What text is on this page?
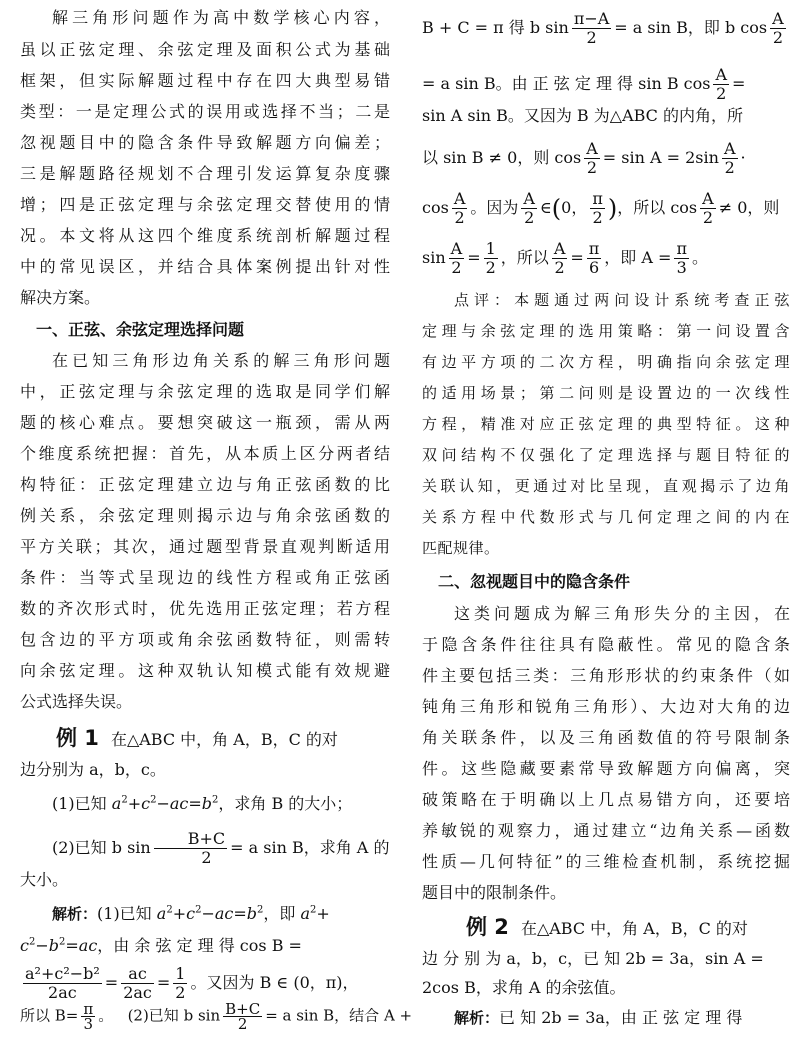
解三角形问题作为高中数学核心内容，
虽以正弦定理、余弦定理及面积公式为基础
框架，但实际解题过程中存在四大典型易错
类型：一是定理公式的误用或选择不当；二是
忽视题目中的隐含条件导致解题方向偏差；
三是解题路径规划不合理引发运算复杂度骤
增；四是正弦定理与余弦定理交替使用的情
况。本文将从这四个维度系统剖析解题过程
中的常见误区，并结合具体案例提出针对性
解决方案。
一、正弦、余弦定理选择问题
在已知三角形边角关系的解三角形问题
中，正弦定理与余弦定理的选取是同学们解
题的核心难点。要想突破这一瓶颈，需从两
个维度系统把握：首先，从本质上区分两者结
构特征：正弦定理建立边与角正弦函数的比
例关系，余弦定理则揭示边与角余弦函数的
平方关联；其次，通过题型背景直观判断适用
条件：当等式呈现边的线性方程或角正弦函
数的齐次形式时，优先选用正弦定理；若方程
包含边的平方项或角余弦函数特征，则需转
向余弦定理。这种双轨认知模式能有效规避
公式选择失误。
例 1 在△ABC 中，角 A，B，C 的对
边分别为 a，b，c。
(1)已知 $a^2+c^2-ac=b^2$，求角 B 的大小；
(2)已知 b $\sin \frac{B+C}{2} = a$ sin B，求角 A 的
大小。
解析：(1)已知 $a^2+c^2-ac=b^2$，即 $a^2+$
$c^2-b^2=ac$，由 余 弦 定 理 得 cos B =
$\frac{\text{a²+c²−b²}}{2ac} = \frac{ac}{2ac} = \frac{1}{2}$ 。又因为 B ∈ (0，π)，
B + C = π 得 b $\sin \frac{\pi-A}{2} = a$ sin B，即 b $\cos \frac{A}{2}$
= a sin B。由 正 弦 定 理 得 sin B $\cos \frac{A}{2}$ =
sin A sin B。又因为 B 为△ABC 的内角，所
以 sin B ≠ 0，则 $\cos \frac{A}{2} = \sin A = 2\sin \frac{A}{2}$ ·
$\cos \frac{A}{2}$ 。因为 $\frac{A}{2}$ ∈(0， $\frac{\pi}{2}$ )，所以 $\cos \frac{A}{2} \ne 0$，则
$\sin \frac{A}{2} = \frac{1}{2}$ ，所以 $\frac{A}{2} = \frac{\pi}{6}$ ，即 $A = \frac{\pi}{3}$ 。
点评：本题通过两问设计系统考查正弦
定理与余弦定理的选用策略：第一问设置含
有边平方项的二次方程，明确指向余弦定理
的适用场景；第二问则是设置边的一次线性
方程，精准对应正弦定理的典型特征。这种
双问结构不仅强化了定理选择与题目特征的
关联认知，更通过对比呈现，直观揭示了边角
关系方程中代数形式与几何定理之间的内在
匹配规律。
二、忽视题目中的隐含条件
这类问题成为解三角形失分的主因，在
于隐含条件往往具有隐蔽性。常见的隐含条
件主要包括三类：三角形形状的约束条件（如
钝角三角形和锐角三角形）、大边对大角的边
角关联条件，以及三角函数值的符号限制条
件。这些隐藏要素常导致解题方向偏离，突
破策略在于明确以上几点易错方向，还要培
养敏锐的观察力，通过建立“边角关系—函数
性质—几何特征”的三维检查机制，系统挖掘
题目中的限制条件。
例 2 在△ABC 中，角 A，B，C 的对
边 分 别 为 a，b，c，已 知 2b = 3a，sin A =
2cos B，求角 A 的余弦值。
解析：已 知 2b = 3a，由 正 弦 定 理 得
所以 $B= \frac{\pi}{3}$ 。 (2)已知 b $\sin \frac{B+C}{2} = a$ sin B，结合 A +
